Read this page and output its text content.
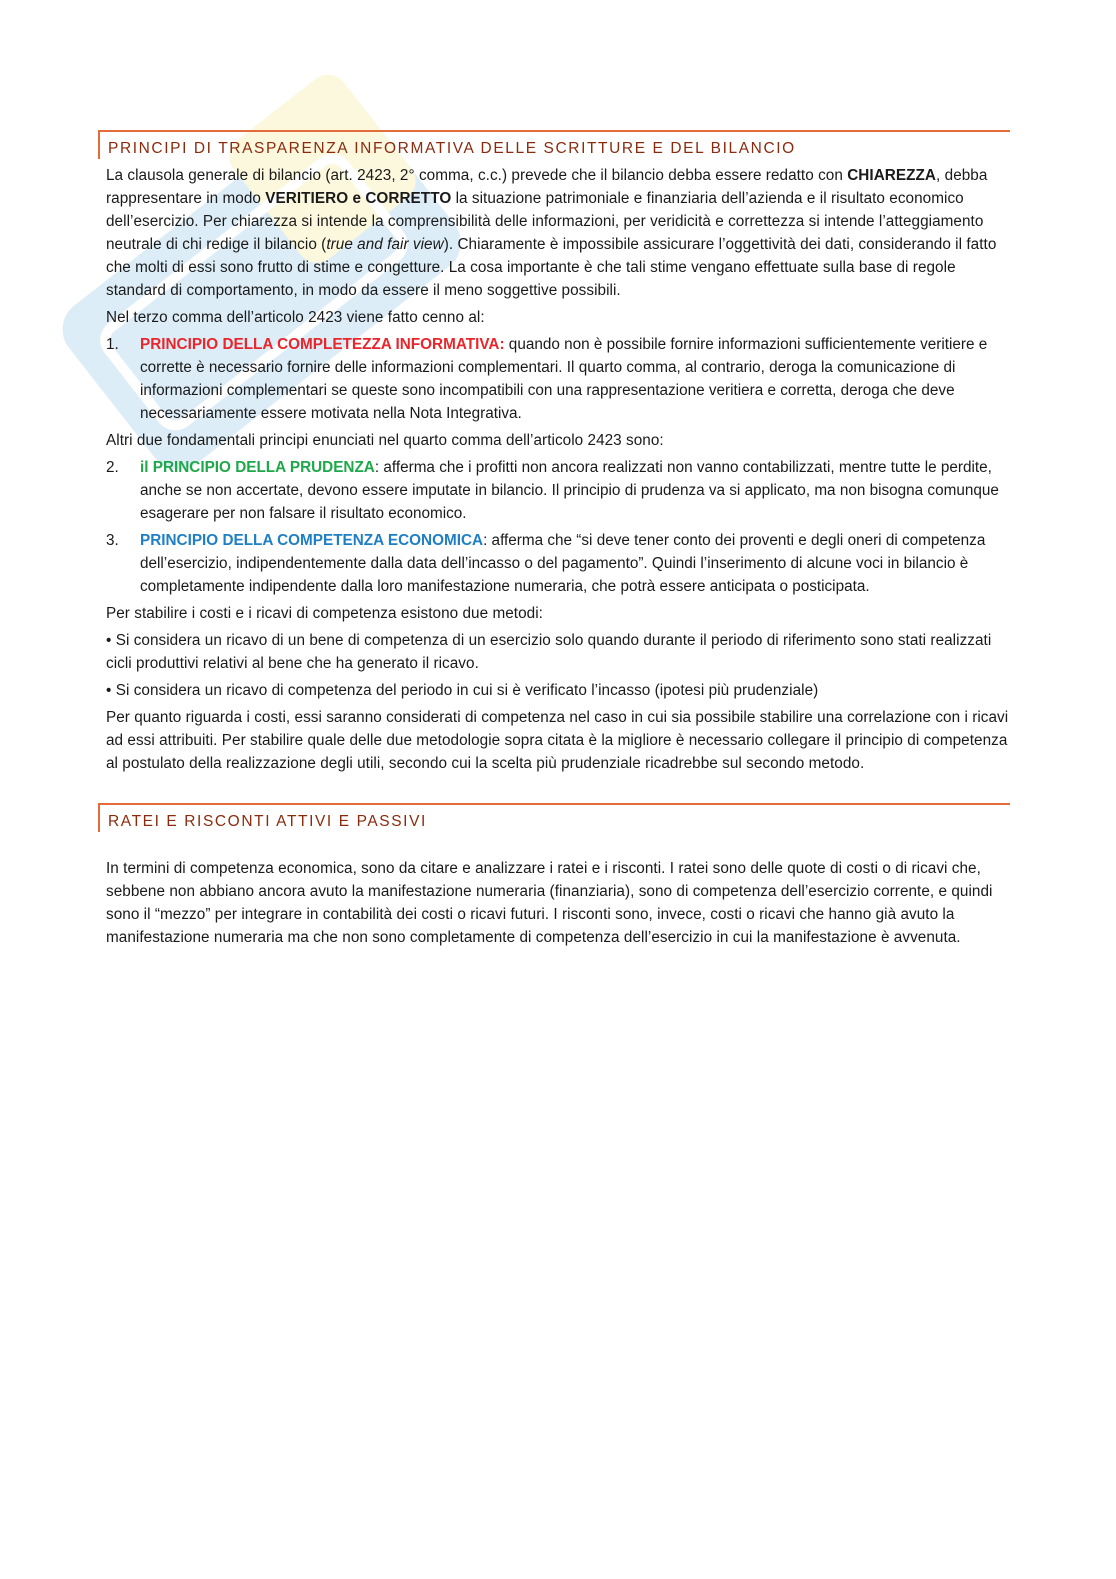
PRINCIPI DI TRASPARENZA INFORMATIVA DELLE SCRITTURE E DEL BILANCIO
La clausola generale di bilancio (art. 2423, 2° comma, c.c.) prevede che il bilancio debba essere redatto con CHIAREZZA, debba rappresentare in modo VERITIERO e CORRETTO la situazione patrimoniale e finanziaria dell’azienda e il risultato economico dell’esercizio. Per chiarezza si intende la comprensibilità delle informazioni, per veridicità e correttezza si intende l’atteggiamento neutrale di chi redige il bilancio (true and fair view). Chiaramente è impossibile assicurare l’oggettività dei dati, considerando il fatto che molti di essi sono frutto di stime e congetture. La cosa importante è che tali stime vengano effettuate sulla base di regole standard di comportamento, in modo da essere il meno soggettive possibili.
Nel terzo comma dell’articolo 2423 viene fatto cenno al:
1.	PRINCIPIO DELLA COMPLETEZZA INFORMATIVA: quando non è possibile fornire informazioni sufficientemente veritiere e corrette è necessario fornire delle informazioni complementari. Il quarto comma, al contrario, deroga la comunicazione di informazioni complementari se queste sono incompatibili con una rappresentazione veritiera e corretta, deroga che deve necessariamente essere motivata nella Nota Integrativa.
Altri due fondamentali principi enunciati nel quarto comma dell’articolo 2423 sono:
2.	il PRINCIPIO DELLA PRUDENZA: afferma che i profitti non ancora realizzati non vanno contabilizzati, mentre tutte le perdite, anche se non accertate, devono essere imputate in bilancio. Il principio di prudenza va si applicato, ma non bisogna comunque esagerare per non falsare il risultato economico.
3.	PRINCIPIO DELLA COMPETENZA ECONOMICA: afferma che “si deve tener conto dei proventi e degli oneri di competenza dell’esercizio, indipendentemente dalla data dell’incasso o del pagamento”. Quindi l’inserimento di alcune voci in bilancio è completamente indipendente dalla loro manifestazione numeraria, che potrà essere anticipata o posticipata.
Per stabilire i costi e i ricavi di competenza esistono due metodi:
• Si considera un ricavo di un bene di competenza di un esercizio solo quando durante il periodo di riferimento sono stati realizzati cicli produttivi relativi al bene che ha generato il ricavo.
• Si considera un ricavo di competenza del periodo in cui si è verificato l’incasso (ipotesi più prudenziale)
Per quanto riguarda i costi, essi saranno considerati di competenza nel caso in cui sia possibile stabilire una correlazione con i ricavi ad essi attribuiti. Per stabilire quale delle due metodologie sopra citata è la migliore è necessario collegare il principio di competenza al postulato della realizzazione degli utili, secondo cui la scelta più prudenziale ricadrebbe sul secondo metodo.
RATEI E RISCONTI ATTIVI E PASSIVI
In termini di competenza economica, sono da citare e analizzare i ratei e i risconti. I ratei sono delle quote di costi o di ricavi che, sebbene non abbiano ancora avuto la manifestazione numeraria (finanziaria), sono di competenza dell’esercizio corrente, e quindi sono il “mezzo” per integrare in contabilità dei costi o ricavi futuri. I risconti sono, invece, costi o ricavi che hanno già avuto la manifestazione numeraria ma che non sono completamente di competenza dell’esercizio in cui la manifestazione è avvenuta.
